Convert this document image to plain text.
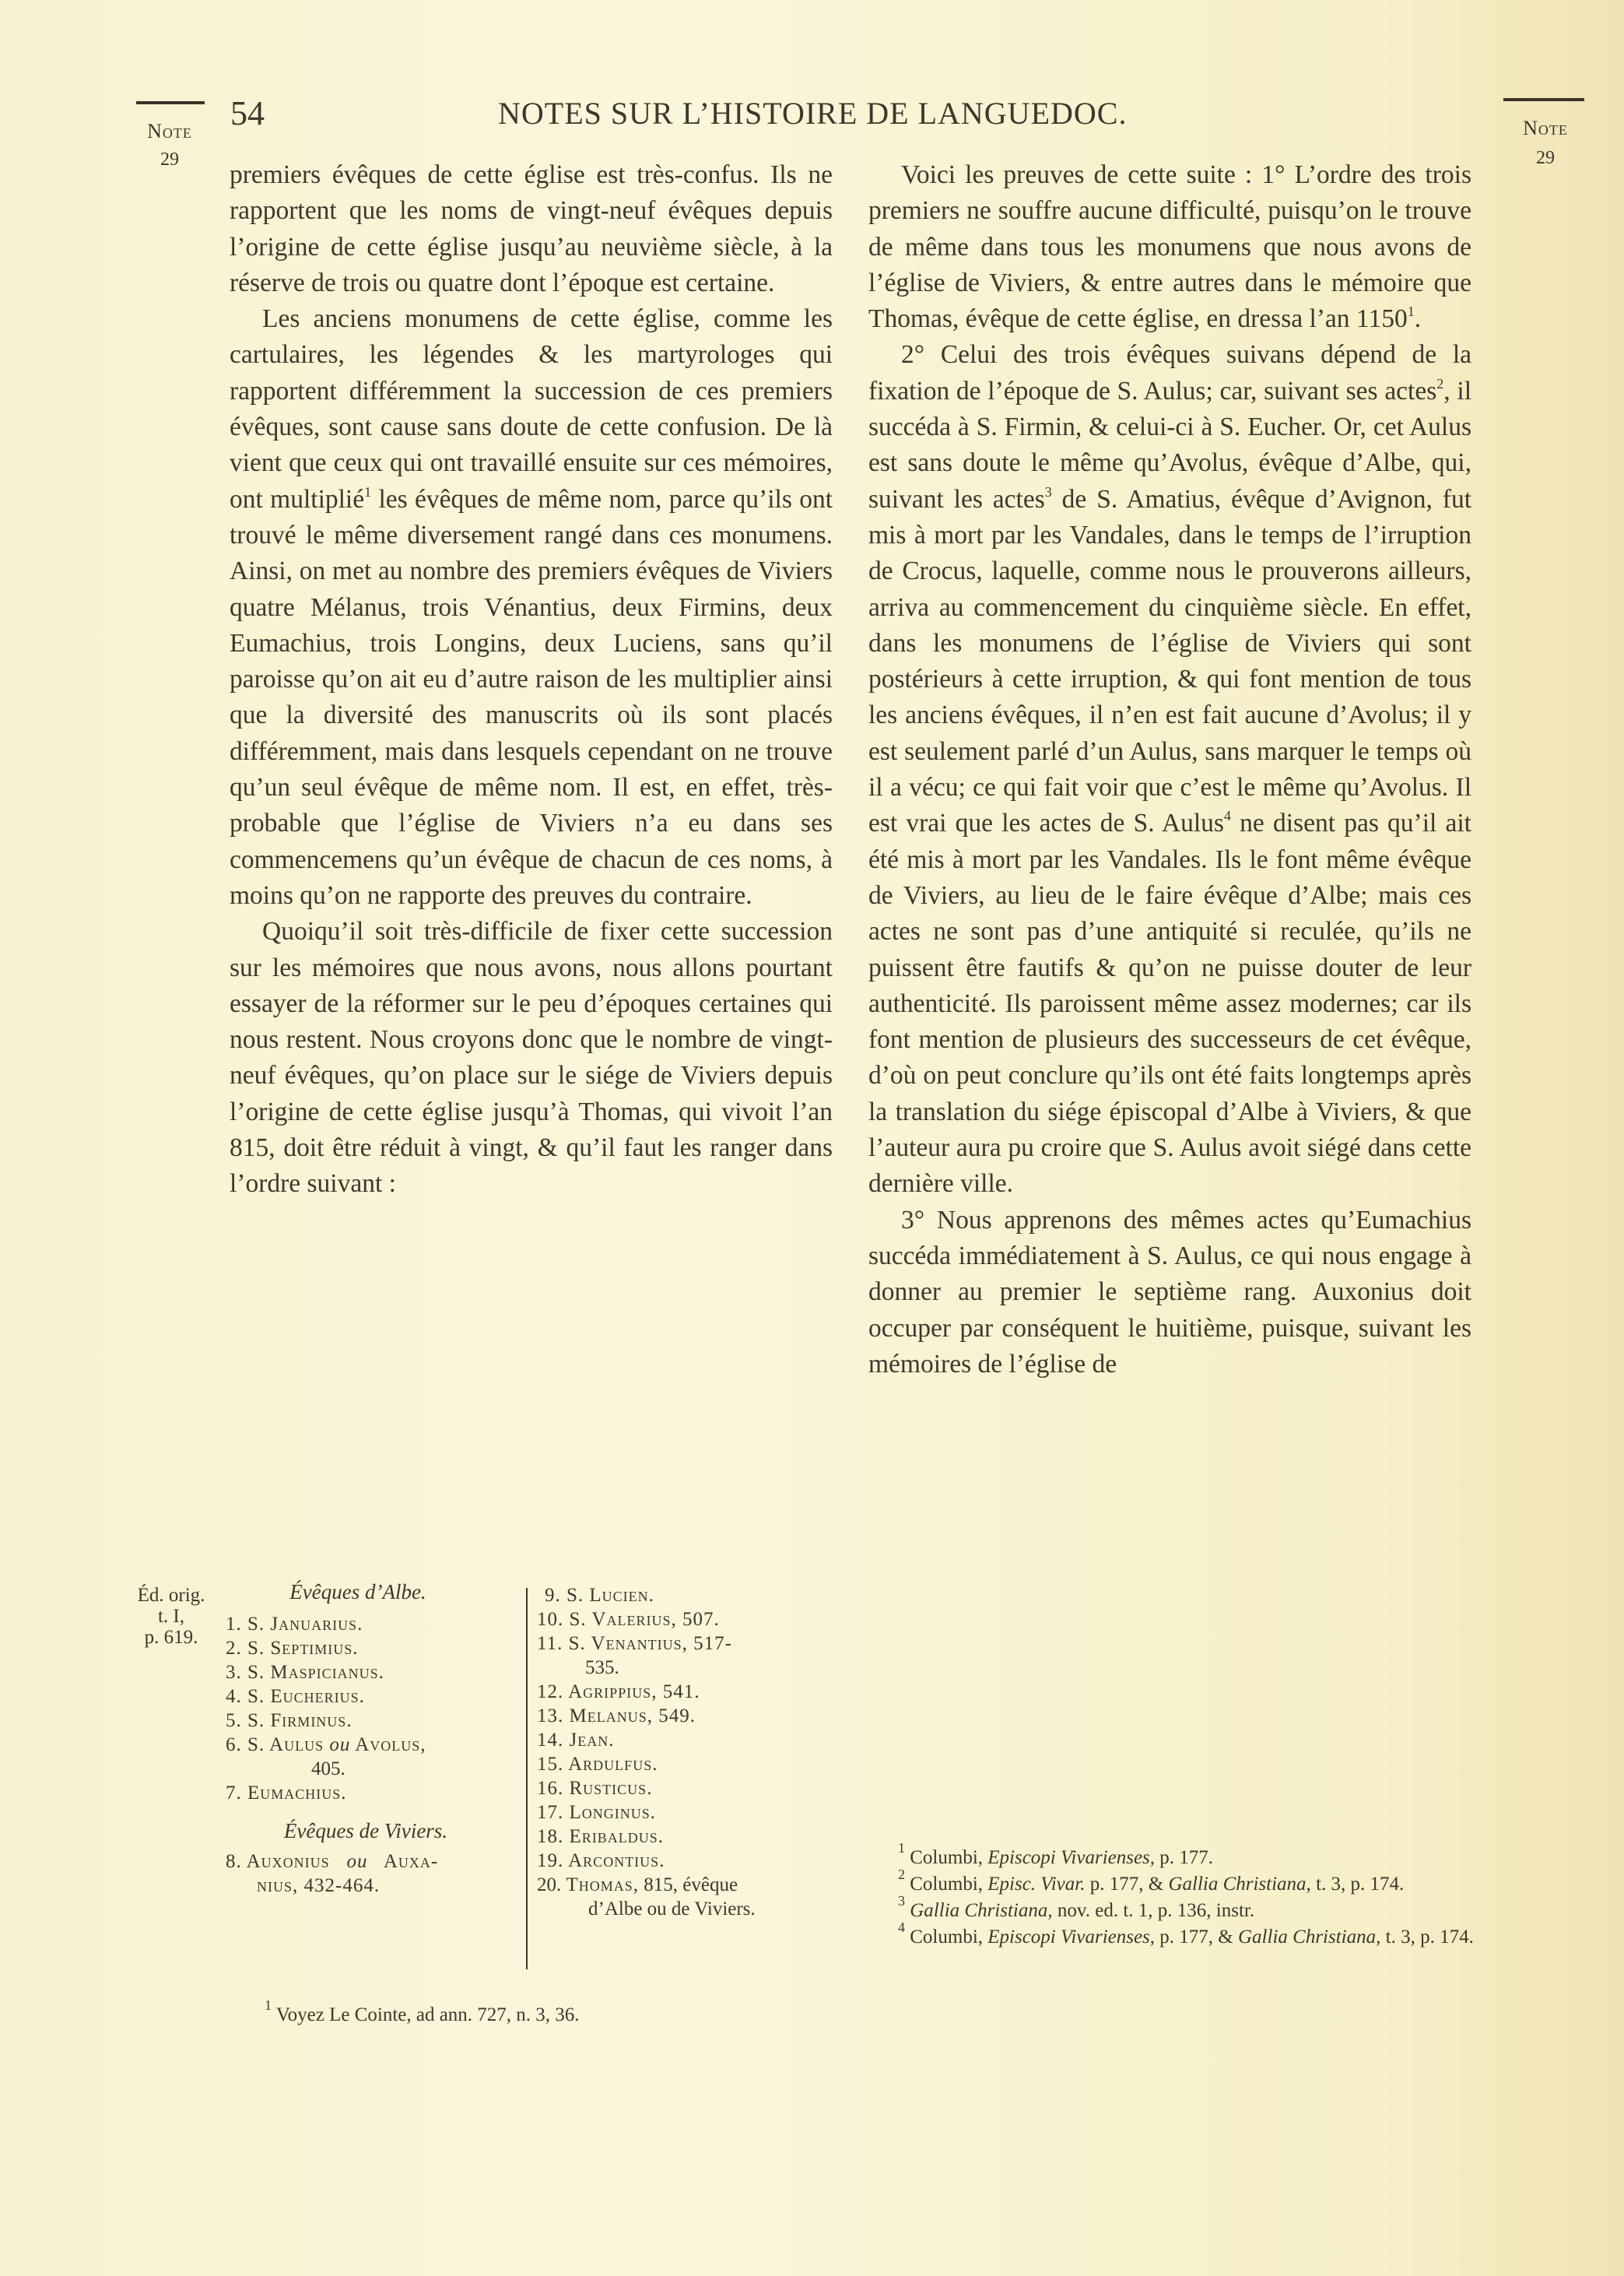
Note
29
54	NOTES SUR L’HISTOIRE DE LANGUEDOC.	Note
29

premiers évêques de cette église est très-confus. Ils ne rapportent que les noms de vingt-neuf évêques depuis l’origine de cette église jusqu’au neuvième siècle, à la réserve de trois ou quatre dont l’époque est certaine.

Les anciens monumens de cette église, comme les cartulaires, les légendes & les martyrologes qui rapportent différemment la succession de ces premiers évêques, sont cause sans doute de cette confusion. De là vient que ceux qui ont travaillé ensuite sur ces mémoires, ont multiplié$^1$ les évêques de même nom, parce qu’ils ont trouvé le même diversement rangé dans ces monumens. Ainsi, on met au nombre des premiers évêques de Viviers quatre Mélanus, trois Vénantius, deux Firmins, deux Eumachius, trois Longins, deux Luciens, sans qu’il paroisse qu’on ait eu d’autre raison de les multiplier ainsi que la diversité des manuscrits où ils sont placés différemment, mais dans lesquels cependant on ne trouve qu’un seul évêque de même nom. Il est, en effet, très-probable que l’église de Viviers n’a eu dans ses commencemens qu’un évêque de chacun de ces noms, à moins qu’on ne rapporte des preuves du contraire.

Quoiqu’il soit très-difficile de fixer cette succession sur les mémoires que nous avons, nous allons pourtant essayer de la réformer sur le peu d’époques certaines qui nous restent. Nous croyons donc que le nombre de vingt-neuf évêques, qu’on place sur le siége de Viviers depuis l’origine de cette église jusqu’à Thomas, qui vivoit l’an 815, doit être réduit à vingt, & qu’il faut les ranger dans l’ordre suivant :

Voici les preuves de cette suite : 1° L’ordre des trois premiers ne souffre aucune difficulté, puisqu’on le trouve de même dans tous les monumens que nous avons de l’église de Viviers, & entre autres dans le mémoire que Thomas, évêque de cette église, en dressa l’an 1150$^1$.

2° Celui des trois évêques suivans dépend de la fixation de l’époque de S. Aulus; car, suivant ses actes$^2$, il succéda à S. Firmin, & celui-ci à S. Eucher. Or, cet Aulus est sans doute le même qu’Avolus, évêque d’Albe, qui, suivant les actes$^3$ de S. Amatius, évêque d’Avignon, fut mis à mort par les Vandales, dans le temps de l’irruption de Crocus, laquelle, comme nous le prouverons ailleurs, arriva au commencement du cinquième siècle. En effet, dans les monumens de l’église de Viviers qui sont postérieurs à cette irruption, & qui font mention de tous les anciens évêques, il n’en est fait aucune d’Avolus; il y est seulement parlé d’un Aulus, sans marquer le temps où il a vécu; ce qui fait voir que c’est le même qu’Avolus. Il est vrai que les actes de S. Aulus$^4$ ne disent pas qu’il ait été mis à mort par les Vandales. Ils le font même évêque de Viviers, au lieu de le faire évêque d’Albe; mais ces actes ne sont pas d’une antiquité si reculée, qu’ils ne puissent être fautifs & qu’on ne puisse douter de leur authenticité. Ils paroissent même assez modernes; car ils font mention de plusieurs des successeurs de cet évêque, d’où on peut conclure qu’ils ont été faits longtemps après la translation du siége épiscopal d’Albe à Viviers, & que l’auteur aura pu croire que S. Aulus avoit siégé dans cette dernière ville.

3° Nous apprenons des mêmes actes qu’Eumachius succéda immédiatement à S. Aulus, ce qui nous engage à donner au premier le septième rang. Auxonius doit occuper par conséquent le huitième, puisque, suivant les mémoires de l’église de

Éd. orig.
t. I,
p. 619.
Évêques d’Albe.
1. S. Januarius.
2. S. Septimius.
3. S. Maspicianus.
4. S. Eucherius.
5. S. Firminus.
6. S. Aulus ou Avolus,
405.
7. Eumachius.
Évêques de Viviers.
8. Auxonius ou Auxa-
nius, 432-464.
9. S. Lucien.
10. S. Valerius, 507.
11. S. Venantius, 517-
535.
12. Agrippius, 541.
13. Melanus, 549.
14. Jean.
15. Ardulfus.
16. Rusticus.
17. Longinus.
18. Eribaldus.
19. Arcontius.
20. Thomas, 815, évêque
d’Albe ou de Viviers.

$^1$ Voyez Le Cointe, ad ann. 727, n. 3, 36.

$^1$ Columbi, Episcopi Vivarienses, p. 177.

$^2$ Columbi, Episc. Vivar. p. 177, & Gallia Christiana, t. 3, p. 174.

$^3$ Gallia Christiana, nov. ed. t. 1, p. 136, instr.

$^4$ Columbi, Episcopi Vivarienses, p. 177, & Gallia Christiana, t. 3, p. 174.
